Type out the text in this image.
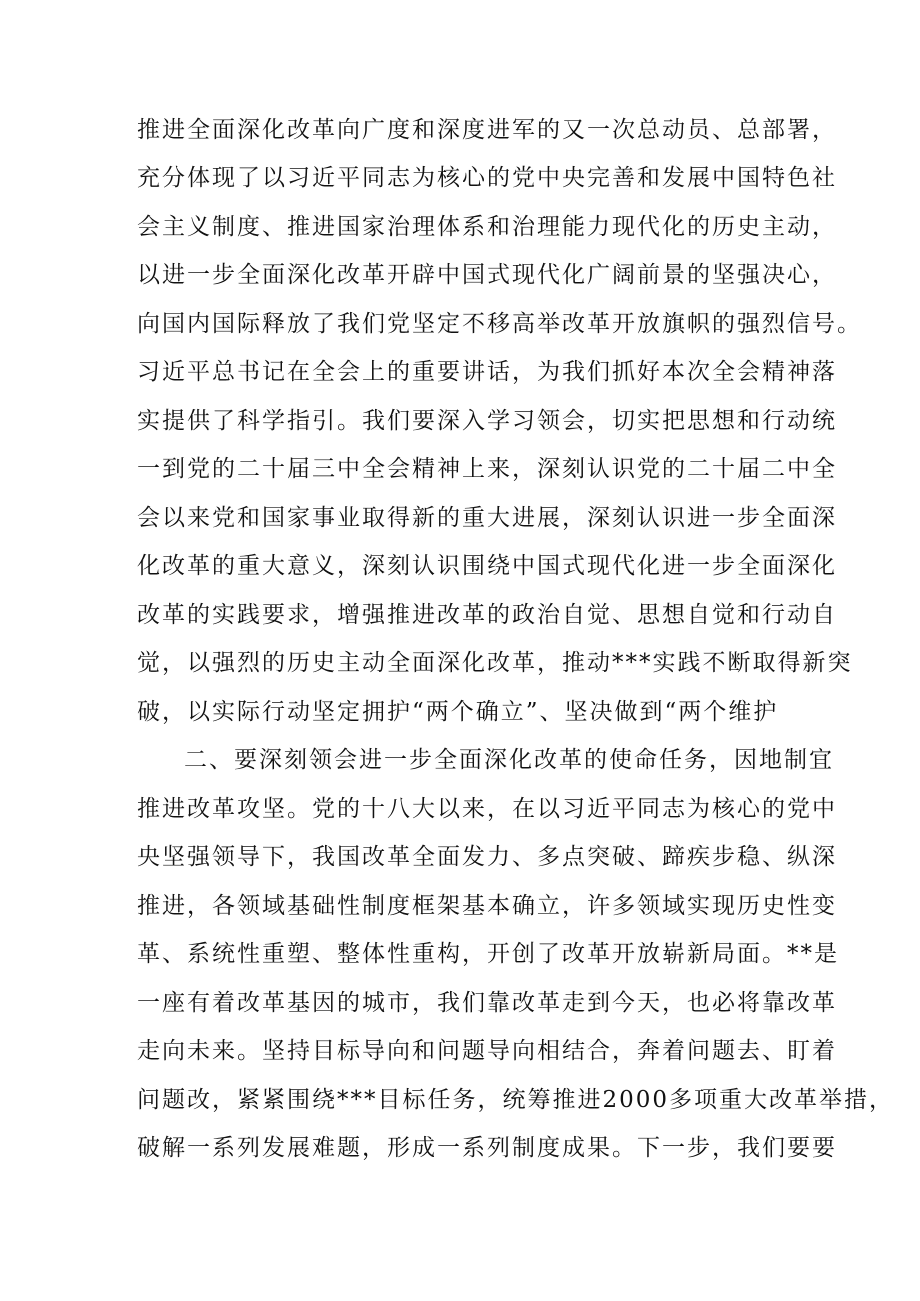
推进全面深化改革向广度和深度进军的又一次总动员、总部署，
充分体现了以习近平同志为核心的党中央完善和发展中国特色社
会主义制度、推进国家治理体系和治理能力现代化的历史主动，
以进一步全面深化改革开辟中国式现代化广阔前景的坚强决心，
向国内国际释放了我们党坚定不移高举改革开放旗帜的强烈信号。
习近平总书记在全会上的重要讲话，为我们抓好本次全会精神落
实提供了科学指引。我们要深入学习领会，切实把思想和行动统
一到党的二十届三中全会精神上来，深刻认识党的二十届二中全
会以来党和国家事业取得新的重大进展，深刻认识进一步全面深
化改革的重大意义，深刻认识围绕中国式现代化进一步全面深化
改革的实践要求，增强推进改革的政治自觉、思想自觉和行动自
觉，以强烈的历史主动全面深化改革，推动***实践不断取得新突
破，以实际行动坚定拥护“两个确立”、坚决做到“两个维护
二、要深刻领会进一步全面深化改革的使命任务，因地制宜
推进改革攻坚。党的十八大以来，在以习近平同志为核心的党中
央坚强领导下，我国改革全面发力、多点突破、蹄疾步稳、纵深
推进，各领域基础性制度框架基本确立，许多领域实现历史性变
革、系统性重塑、整体性重构，开创了改革开放崭新局面。**是
一座有着改革基因的城市，我们靠改革走到今天，也必将靠改革
走向未来。坚持目标导向和问题导向相结合，奔着问题去、盯着
问题改，紧紧围绕***目标任务，统筹推进2000多项重大改革举措，
破解一系列发展难题，形成一系列制度成果。下一步，我们要要
